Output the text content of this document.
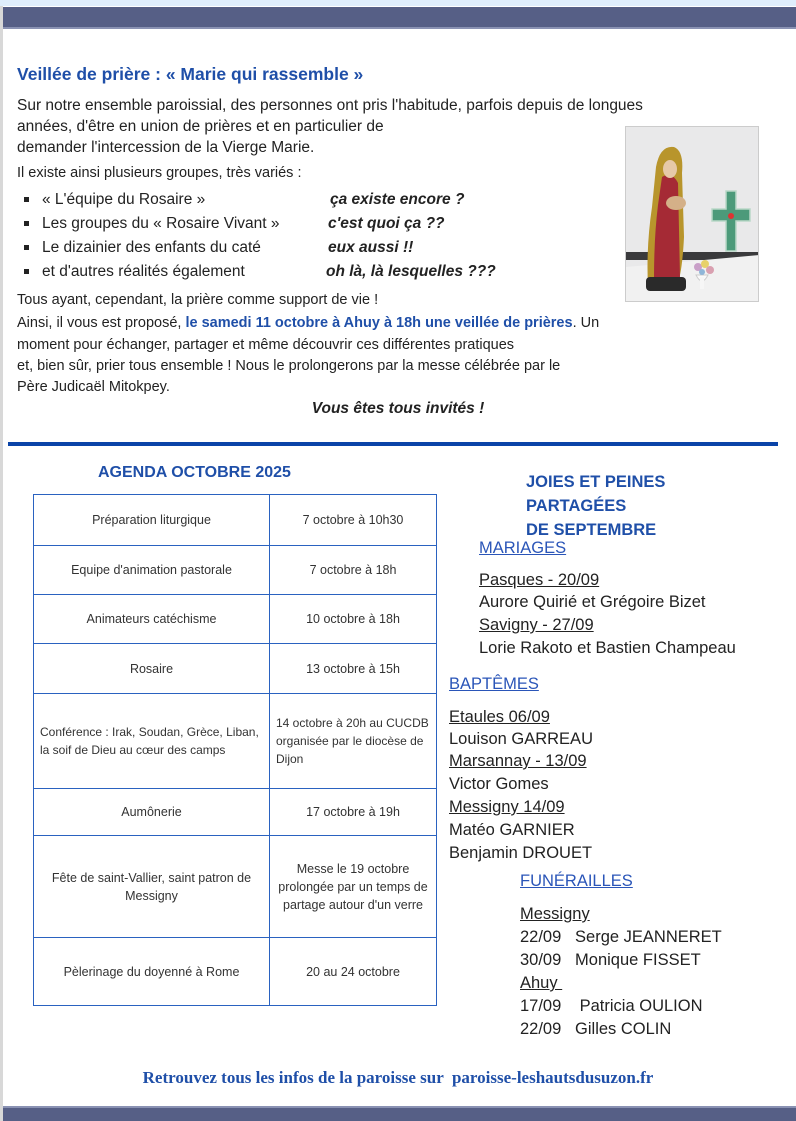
Veillée de prière : « Marie qui rassemble »
Sur notre ensemble paroissial, des personnes ont pris l'habitude, parfois depuis de longues
années, d'être en union de prières et en particulier de
demander l'intercession de la Vierge Marie.
Il existe ainsi plusieurs groupes, très variés :
« L'équipe du Rosaire »	ça existe encore ?
Les groupes du « Rosaire Vivant »	c'est quoi ça ??
Le dizainier des enfants du caté	eux aussi !!
et d'autres réalités également	oh là, là lesquelles ???
Tous ayant, cependant, la prière comme support de vie !
Ainsi, il vous est proposé, le samedi 11 octobre à Ahuy à 18h une veillée de prières. Un
moment pour échanger, partager et même découvrir ces différentes pratiques
et, bien sûr, prier tous ensemble ! Nous le prolongerons par la messe célébrée par le
Père Judicaël Mitokpey.
Vous êtes tous invités !
AGENDA OCTOBRE 2025
Préparation liturgique	7 octobre à 10h30
Equipe d'animation pastorale	7 octobre à 18h
Animateurs catéchisme	10 octobre à 18h
Rosaire	13 octobre à 15h
Conférence : Irak, Soudan, Grèce, Liban, la soif de Dieu au cœur des camps	14 octobre à 20h au CUCDB organisée par le diocèse de Dijon
Aumônerie	17 octobre à 19h
Fête de saint-Vallier, saint patron de Messigny	Messe le 19 octobre prolongée par un temps de partage autour d'un verre
Pèlerinage du doyenné à Rome	20 au 24 octobre
JOIES ET PEINES
PARTAGÉES
DE SEPTEMBRE
MARIAGES
Pasques - 20/09
Aurore Quirié et Grégoire Bizet
Savigny - 27/09
Lorie Rakoto et Bastien Champeau
BAPTÊMES
Etaules 06/09
Louison GARREAU
Marsannay - 13/09
Victor Gomes
Messigny 14/09
Matéo GARNIER
Benjamin DROUET
FUNÉRAILLES
Messigny
22/09   Serge JEANNERET
30/09   Monique FISSET
Ahuy
17/09    Patricia OULION
22/09   Gilles COLIN
Retrouvez tous les infos de la paroisse sur  paroisse-leshautsdusuzon.fr
